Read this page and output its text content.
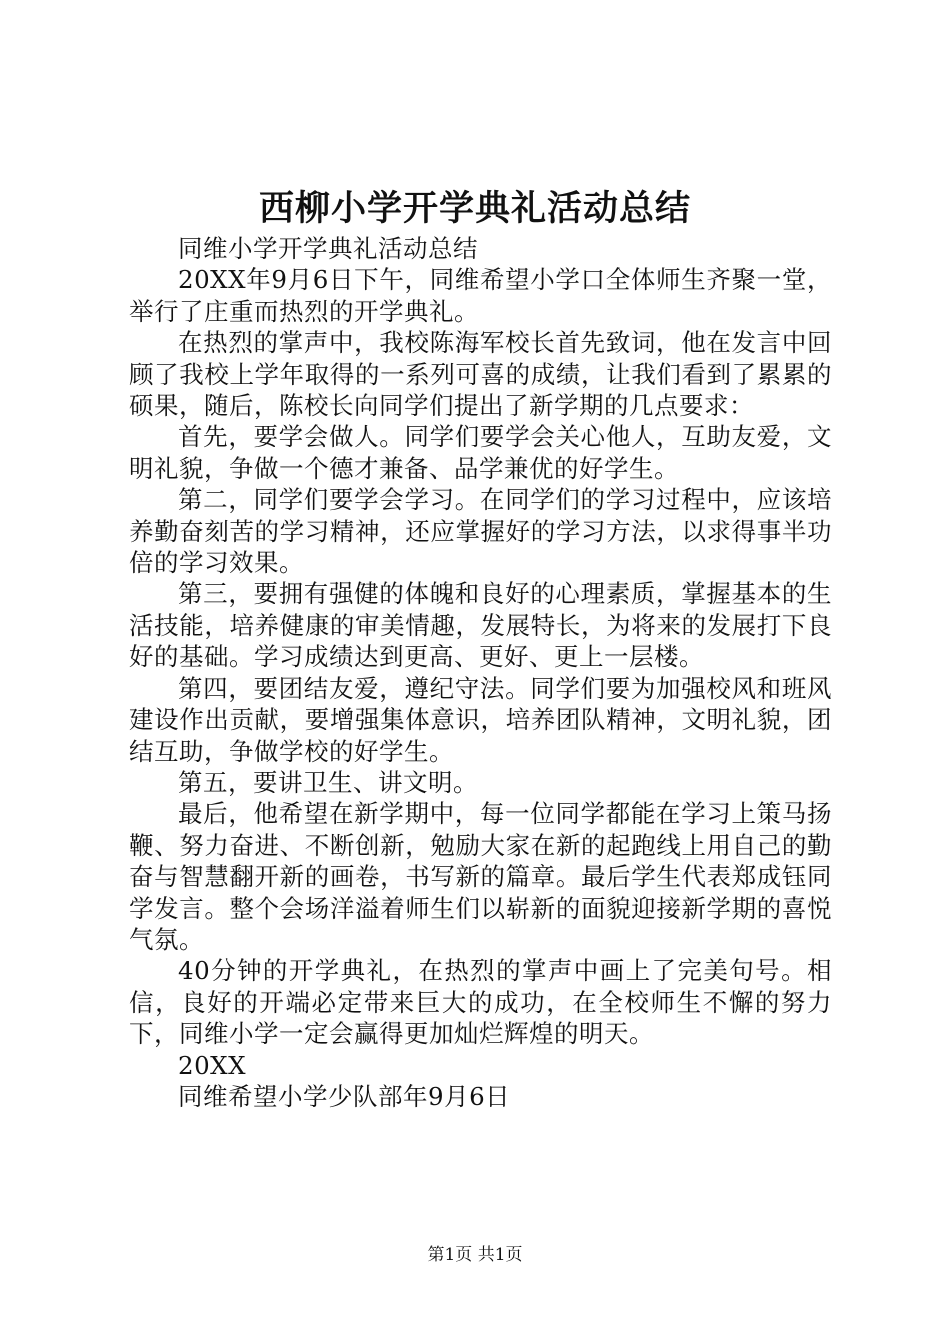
西柳小学开学典礼活动总结

同维小学开学典礼活动总结

20XX年9月6日下午，同维希望小学口全体师生齐聚一堂，举行了庄重而热烈的开学典礼。

在热烈的掌声中，我校陈海军校长首先致词，他在发言中回顾了我校上学年取得的一系列可喜的成绩，让我们看到了累累的硕果，随后，陈校长向同学们提出了新学期的几点要求：

首先，要学会做人。同学们要学会关心他人，互助友爱，文明礼貌，争做一个德才兼备、品学兼优的好学生。

第二，同学们要学会学习。在同学们的学习过程中，应该培养勤奋刻苦的学习精神，还应掌握好的学习方法，以求得事半功倍的学习效果。

第三，要拥有强健的体魄和良好的心理素质，掌握基本的生活技能，培养健康的审美情趣，发展特长，为将来的发展打下良好的基础。学习成绩达到更高、更好、更上一层楼。

第四，要团结友爱，遵纪守法。同学们要为加强校风和班风建设作出贡献，要增强集体意识，培养团队精神，文明礼貌，团结互助，争做学校的好学生。

第五，要讲卫生、讲文明。

最后，他希望在新学期中，每一位同学都能在学习上策马扬鞭、努力奋进、不断创新，勉励大家在新的起跑线上用自己的勤奋与智慧翻开新的画卷，书写新的篇章。最后学生代表郑成钰同学发言。整个会场洋溢着师生们以崭新的面貌迎接新学期的喜悦气氛。

40分钟的开学典礼，在热烈的掌声中画上了完美句号。相信，良好的开端必定带来巨大的成功，在全校师生不懈的努力下，同维小学一定会赢得更加灿烂辉煌的明天。

20XX

同维希望小学少队部年9月6日

第1页 共1页
